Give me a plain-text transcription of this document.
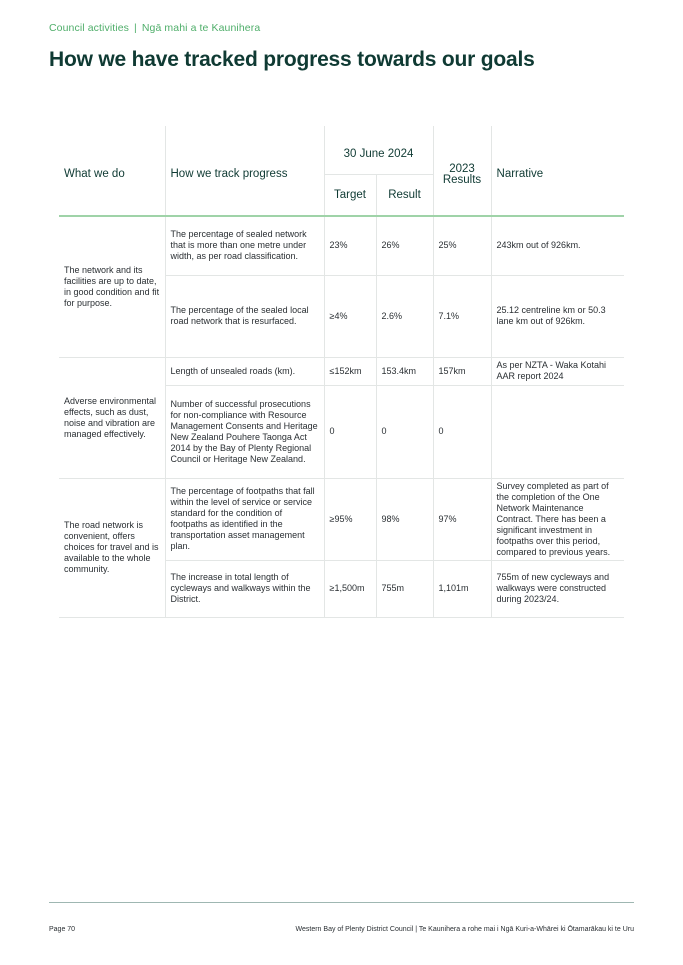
Council activities | Ngā mahi a te Kaunihera
How we have tracked progress towards our goals
What we do	How we track progress	30 June 2024		2023 Results	Narrative
		Target	Result		
The network and its facilities are up to date, in good condition and fit for purpose.	The percentage of sealed network that is more than one metre under width, as per road classification.	23%	26%	25%	243km out of 926km.
	The percentage of the sealed local road network that is resurfaced.	≥4%	2.6%	7.1%	25.12 centreline km or 50.3 lane km out of 926km.
Adverse environmental effects, such as dust, noise and vibration are managed effectively.	Length of unsealed roads (km).	≤152km	153.4km	157km	As per NZTA - Waka Kotahi AAR report 2024
	Number of successful prosecutions for non-compliance with Resource Management Consents and Heritage New Zealand Pouhere Taonga Act 2014 by the Bay of Plenty Regional Council or Heritage New Zealand.	0	0	0	
The road network is convenient, offers choices for travel and is available to the whole community.	The percentage of footpaths that fall within the level of service or service standard for the condition of footpaths as identified in the transportation asset management plan.	≥95%	98%	97%	Survey completed as part of the completion of the One Network Maintenance Contract. There has been a significant investment in footpaths over this period, compared to previous years.
	The increase in total length of cycleways and walkways within the District.	≥1,500m	755m	1,101m	755m of new cycleways and walkways were constructed during 2023/24.
Page 70	Western Bay of Plenty District Council | Te Kaunihera a rohe mai i Ngā Kuri-a-Whārei ki Ōtamarākau ki te Uru
